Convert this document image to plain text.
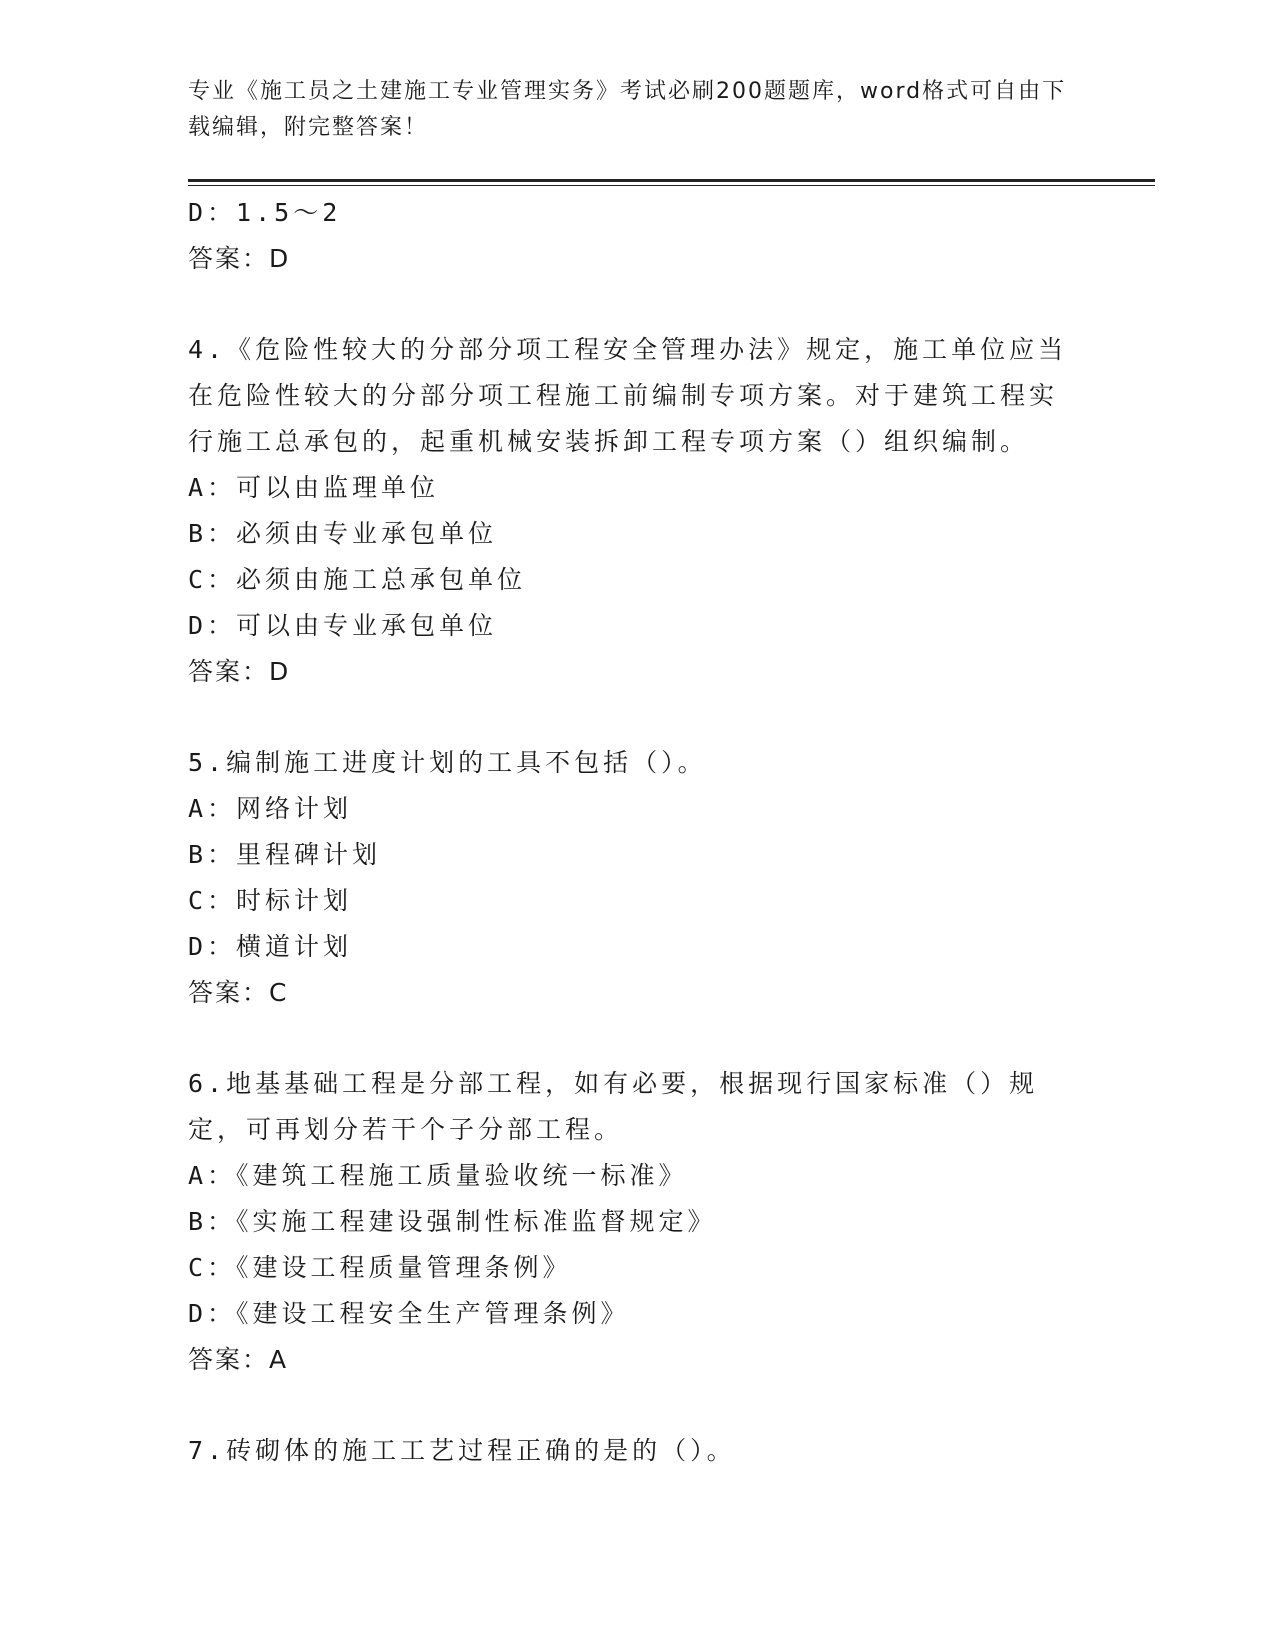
专业《施工员之土建施工专业管理实务》考试必刷200题题库，word格式可自由下载编辑，附完整答案！
D：1.5～2
答案：D
4.《危险性较大的分部分项工程安全管理办法》规定，施工单位应当在危险性较大的分部分项工程施工前编制专项方案。对于建筑工程实行施工总承包的，起重机械安装拆卸工程专项方案（）组织编制。
A：可以由监理单位
B：必须由专业承包单位
C：必须由施工总承包单位
D：可以由专业承包单位
答案：D
5.编制施工进度计划的工具不包括（）。
A：网络计划
B：里程碑计划
C：时标计划
D：横道计划
答案：C
6.地基基础工程是分部工程，如有必要，根据现行国家标准（）规定，可再划分若干个子分部工程。
A：《建筑工程施工质量验收统一标准》
B：《实施工程建设强制性标准监督规定》
C：《建设工程质量管理条例》
D：《建设工程安全生产管理条例》
答案：A
7.砖砌体的施工工艺过程正确的是的（）。
